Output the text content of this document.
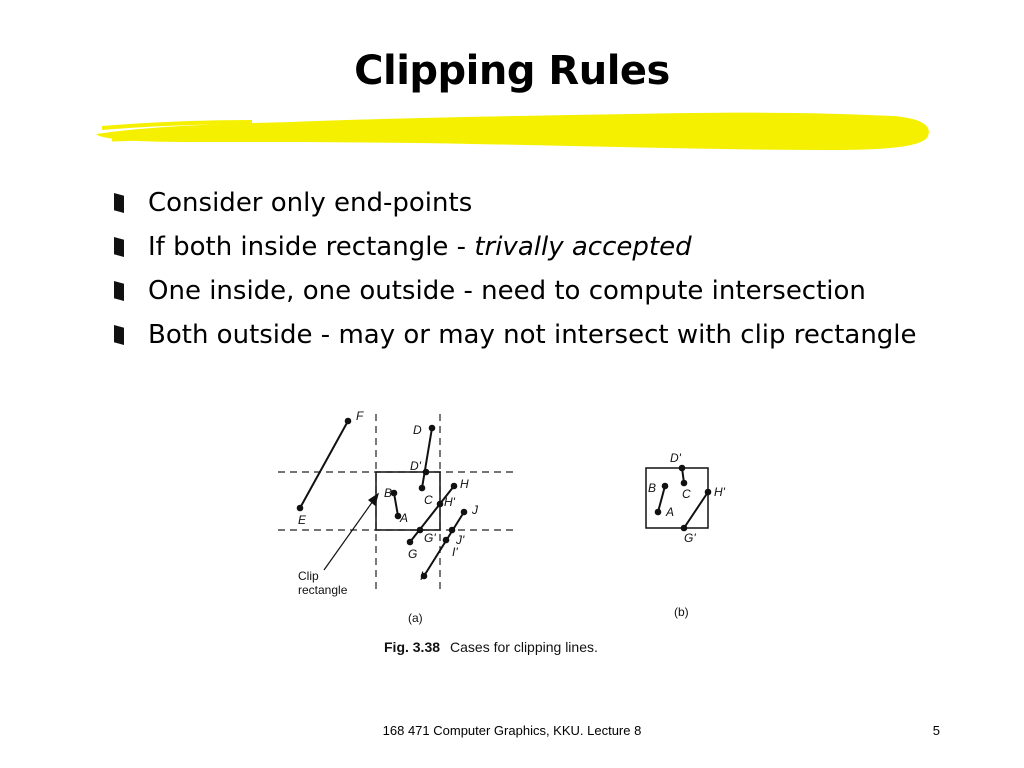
Clipping Rules
Consider only end-points
If both inside rectangle - trivally accepted
One inside, one outside - need to compute intersection
Both outside - may or may not intersect with clip rectangle
F
D
D'
H
B	C H'
J
A
G' J'
E
G	I'
I
Clip
rectangle
(a)
D'
B C H'
A
G'
(b)
Fig. 3.38 Cases for clipping lines.
168 471 Computer Graphics, KKU. Lecture 8	5
